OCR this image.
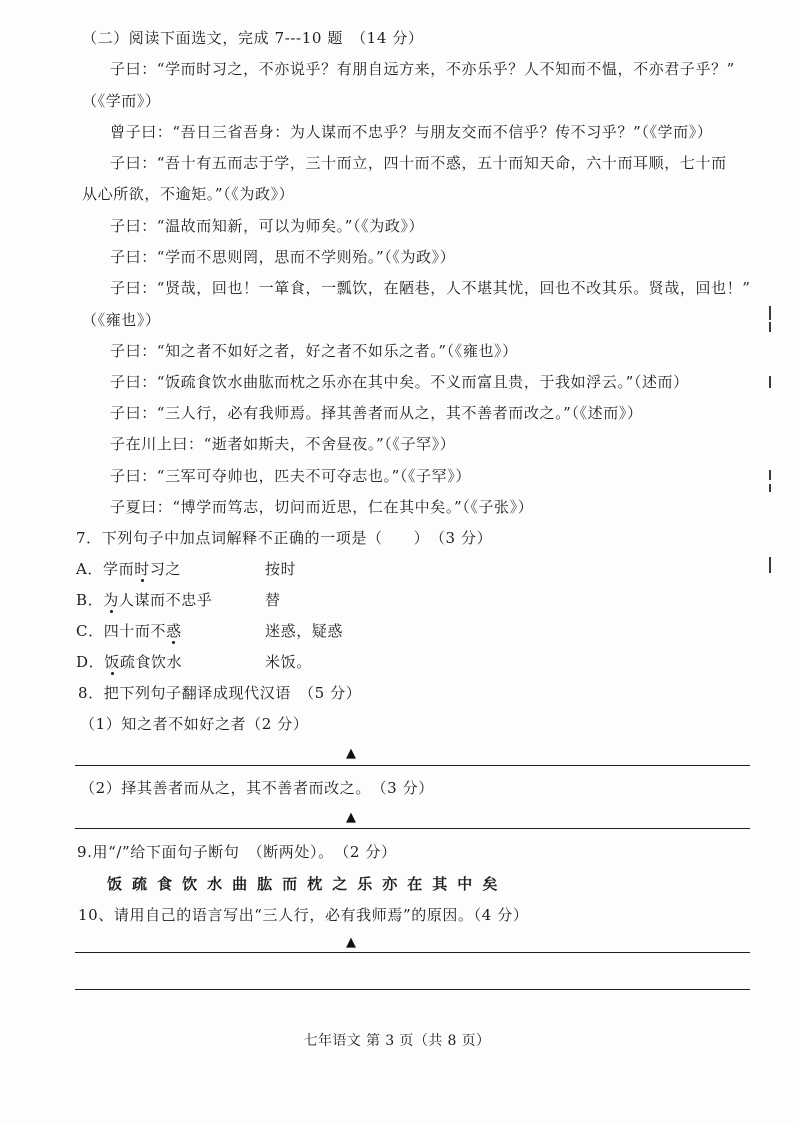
（二）阅读下面选文，完成 7---10 题　（14 分）
子曰：“学而时习之，不亦说乎？有朋自远方来，不亦乐乎？人不知而不愠，不亦君子乎？”
（《学而》）
曾子曰：“吾日三省吾身：为人谋而不忠乎？与朋友交而不信乎？传不习乎？”（《学而》）
子曰：“吾十有五而志于学，三十而立，四十而不惑，五十而知天命，六十而耳顺，七十而
从心所欲，不逾矩。”（《为政》）
子曰：“温故而知新，可以为师矣。”（《为政》）
子曰：“学而不思则罔，思而不学则殆。”（《为政》）
子曰：“贤哉，回也！一箪食，一瓢饮，在陋巷，人不堪其忧，回也不改其乐。贤哉，回也！”
（《雍也》）
子曰：“知之者不如好之者，好之者不如乐之者。”（《雍也》）
子曰：“饭疏食饮水曲肱而枕之乐亦在其中矣。不义而富且贵，于我如浮云。”（述而）
子曰：“三人行，必有我师焉。择其善者而从之，其不善者而改之。”（《述而》）
子在川上曰：“逝者如斯夫，不舍昼夜。”（《子罕》）
子曰：“三军可夺帅也，匹夫不可夺志也。”（《子罕》）
子夏曰：“博学而笃志，切问而近思，仁在其中矣。”（《子张》）
7．下列句子中加点词解释不正确的一项是（　　）　（3 分）
A．学而时习之	按时
B．为人谋而不忠乎	替
C．四十而不惑	迷惑，疑惑
D．饭疏食饮水	米饭。
8．把下列句子翻译成现代汉语　（5 分）
（1）知之者不如好之者（2 分）
▲
（2）择其善者而从之，其不善者而改之。　（3 分）
▲
9.用“/”给下面句子断句　（断两处）。　（2 分）
饭 疏 食 饮 水 曲 肱 而 枕 之 乐 亦 在 其 中 矣
10、请用自己的语言写出“三人行，必有我师焉”的原因。（4 分）
▲
七年语文 第 3 页（共 8 页）
